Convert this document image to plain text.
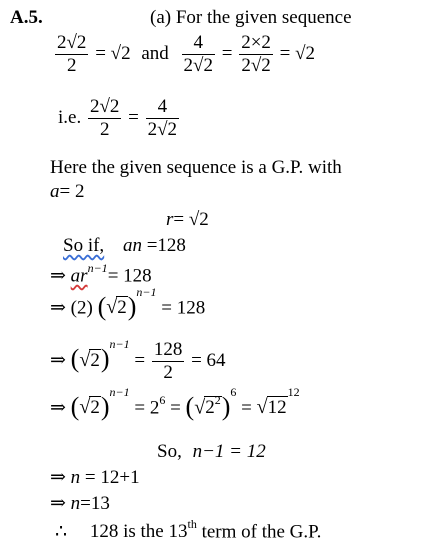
A.5.	(a) For the given sequence
$\frac{2√2}{2} = √2$ and $\frac{4}{2√2} = \frac{2\times 2}{2√2} = √2$
i.e. $\frac{2√2}{2} = \frac{4}{2√2}$
Here the given sequence is a G.P. with
a= 2
r= √2
So if, an =128
⇒ $ar^{n-1}= 128$
⇒ (2) $(√2)^{n-1} = 128$
⇒ $(√2)^{n-1} = \frac{128}{2} = 64$
⇒ $(√2)^{n-1} = 2^6 = (√2^2)^6 = √12^{12}$
So, n−1 = 12
⇒ n = 12+1
⇒ n=13
∴ 128 is the 13th term of the G.P.
